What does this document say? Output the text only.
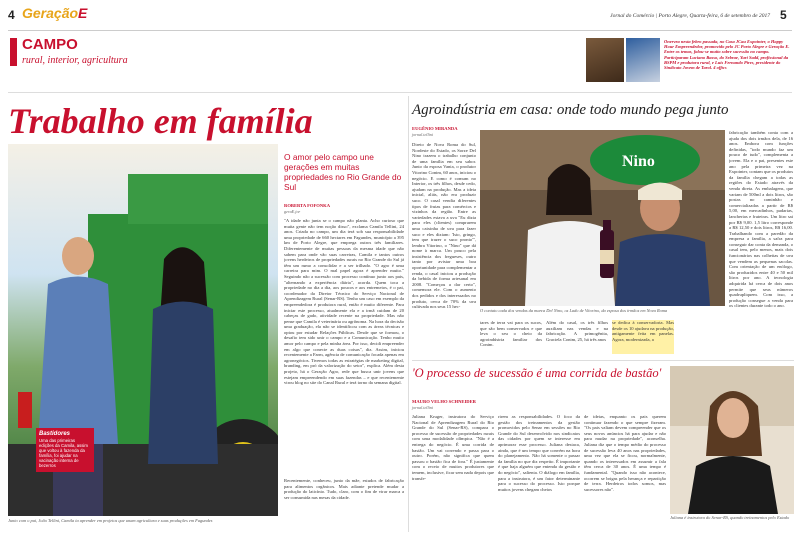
4 GeraçãoE	Jornal do Comércio | Porto Alegre, Quarta-feira, 6 de setembro de 2017 5
CAMPO
rural, interior, agricultura
Onervea nesta febro passada, no Casa JCau Expointer, o Happy Hour Empreendedor, promovido pelo JC Porto Alegre e Geração E. Entre os temas, falou-se muito sobre sucessão no campo. Participaram Luciano Basso, do Sebrae, Yuri Sadd, profissional da BSPM e produtora rural, e Luis Fernando Pires, presidente do Sindicato Jovem de Tarol. 4 ofﬁcs
Trabalho em família
Bastidores
Uma das primeiras edições da Camila, assim que voltou à fazenda da família, foi ajudar na vacinação interna de bezerros
Junto com o pai, João Tellini, Camila ia aprender em projetos que unam agricultura e suas produções em Fagundes
O amor pelo campo une gerações em muitas propriedades no Rio Grande do Sul
ROBERTA FOFONKA
geraE.jor
"A idade não junta se o campo não planta. Acho curioso que muita gente não tem noção disso", exclama Camila Tellini, 24 anos. Criada no campo, um dia terá sob sua responsabilidade uma propriedade de 660 hectares em Fagundes, município a 395 km de Porto Alegre, que emprega outros três familiares. Diferentemente de muitas pessoas da mesma idade que não sabem para onde vão suas carreiras, Camila e tantos outros jovens herdeiros de propriedades rurais no Rio Grande do Sul já têm um rumo a consolidar e a ser trilhado. "O agro é uma carreira para mim. O mal papel agora é aprender muito." Seguindo não a sucessão com processo contínuo junto aos pais, "alternando a experiência diária", acorda. Quem toca a propriedade no dia a dia, aos poucos e aos entremeios, é o pai, coordenador da Diretor Técnico do Serviço Nacional de Aprendizagem Rural (Senar-RS). Tenho um caso em exemplo da empreendedora é produtora rural, então é muito diferente. Para iniciar este processo, atualmente ela e a irmã cuidam de 20 cabeças de gado, atividade recente na propriedade. Mas não pense que Camila é veterinária ou agrônoma. Na hora da decisão uma graduação, ela não se identificou com as áreas técnicas e optou por estudar Relações Públicas. Desde que se formou, o desafio tem sido unir o campo e a Comunicação. Tenho muito amor pelo campo e pela minha área. Por isso, decidi empreender em algo que conecte as duas coisas", diz. Assim, iniciou recentemente a Farm, agência de comunicação focada apenas em agronegócios. Tivemos todas as estratégias de marketing digital, branding, em pró da valorização do setor", explica. Além desta projeto, há o Geração Agro, rede que busca unir jovens que estejam empreendendo em suas fazendas – e que recentemente virou blog no site do Canal Rural e terá torno da semana digital.
Recentemente, conheceu, junto da mãe, estudos de fabricação para alimentos orgânicos. Mais adiante pretende mudar a produção do laticínio. Tudo, claro, com o fim de virar marca a ser consumida nas mesas da cidade.
Agroindústria em casa: onde todo mundo pega junto
EUGÊNIO MIRANDA
jornal.tellini
Direto de Nova Roma do Sul, Nordeste do Estado, os Sorze Del Nino trazem o trabalho conjunto de uma família em seu sabor. Junto da esposa Vania, o produtor Vitorino Conim, 60 anos, iniciou o negócio. E como é comum no Interior, os três filhos, desde cedo, ajudam na produção. Mas a ideia inicial, aliás, não era produzir suco. O casal vendia diferentes tipos de frutas para comércios e vizinhos da região. Entre as variedades estava a uva "Eu dizia para eles (clientes) comprarem uma caixinha de uva para fazer suco e eles diziam: 'Isto, gringo, tem que trazer o suco pronto'", lembra Vitorino, o "Nino" que dá nome à marca. Um pouco pela insistência dos fregueses, outro tanto por avistar uma boa oportunidade para complementar a renda, o casal iniciou a produção da bebida de forma artesanal em 2008. "Começou a dar certo", comemora ele. Com o aumento dos pedidos e dos interessados no produto, cerca de 70% da uva cultivada nos seus 15 hec-
Nino
O contato cada dos vendas da marca Del Nino, os Lado de Vitorino, da esposa dos irmãos em Nova Roma
tares de terra vai para os sucos, que são bem conservados e que leva o seu o cheio da agroindústria familiar dos Conim.
Além do casal, os três filhos auxiliam nas vendas e na fabricação. A primogênita, Graciela Conim, 25, há três anos
se dedica à conservadoria. Mas desde os 10 ajudava na produção, antigamente feita em panelas. Agora, modernizada, a
fabricação também conta com a ajuda dos dois irmãos dela, de 16 anos. Embora com funções definidas, "todo mundo faz um pouco de tudo", complementa a jovem. Ela e o pai, presentes este ano pela primeira vez na Expointer, contam que os produtos da família chegam a todas as regiões do Estado através da venda direta. As embalagens, que variam de 500ml a dois litros, são postas no caminhão e comercializadas a partir de R$ 5,00, em mercadinhos, padarias, lancherias e fruteiras. Um litro sai por R$ 9,00. 1,5 litro corresponde a R$ 12,50 e dois litros, R$ 16,00. Trabalhando com a paredão da empresa a família, a safra para conseguir dar conta da demanda, o casal tem, pelo menos, mais dois funcionários nas colheitas de uva que vendem as pequenas sacolas. Com orientação de um enólogo, são produzidos entre 40 e 50 mil litros por ano. A tecnologia adquirida há cerca de dois anos permite que seus números quadrupliquem. Com isso, a produção consegue a venda para os clientes durante todo o ano.
'O processo de sucessão é uma corrida de bastão'
MAURO VELHO SCHNEIDER
jornal.tellini
Juliana Kruger, instrutora do Serviço Nacional de Aprendizagem Rural do Rio Grande do Sul (Senar-RS), compara o processo de sucessão de propriedades rurais com uma modalidade olímpica. "Não é a entrega do negócio. É uma corrida de bastão. Um vai correndo e passa para o outro. Porém, não significa que quem passou o bastão fica de fora." É justamente com o receio de muitos produtores que temem, inclusive, ficar sem nada depois que transfe-
rirem as responsabilidades. O foco da gestão dos treinamentos da gestão promovidos pelo Senar em sessões no Rio Grande do Sul desenvolvido nos sindicatos das cidades por quem se interesse em aprimorar esse processo. Juliana destaca, ainda, que é um tempo que convém na hora do planejamento. Não há somente o passar da família no que diz respeito. É importante é que haja alguém que entenda da gestão e do negócio", salienta. O diálogo em família, para a instrutora, é um fator determinante para o sucesso do processo. Isto porque muitos jovens chegam cheios
de ideias, enquanto os pais querem continuar fazendo o que sempre fizeram. "Os pais valiam devem compreender que os seus novos anúncios há para ajudar e não para mudar na propriedade", aconselha. Juliana diz que o tempo médio do processo de sucessão leva 40 anos nas propriedades, uma vez que ela se ficou, normalmente, quando os interessados em assumir a fala têm cerca de 30 anos. É uma tempo é fundamental. "Quando isso não acontece, ocorrem se brigas pela herança e repartição de terra. Herdeiros todos somos, mas sucessores não".
Juliana é instrutora do Senar-RS, quando treinamentos pelo Estado
